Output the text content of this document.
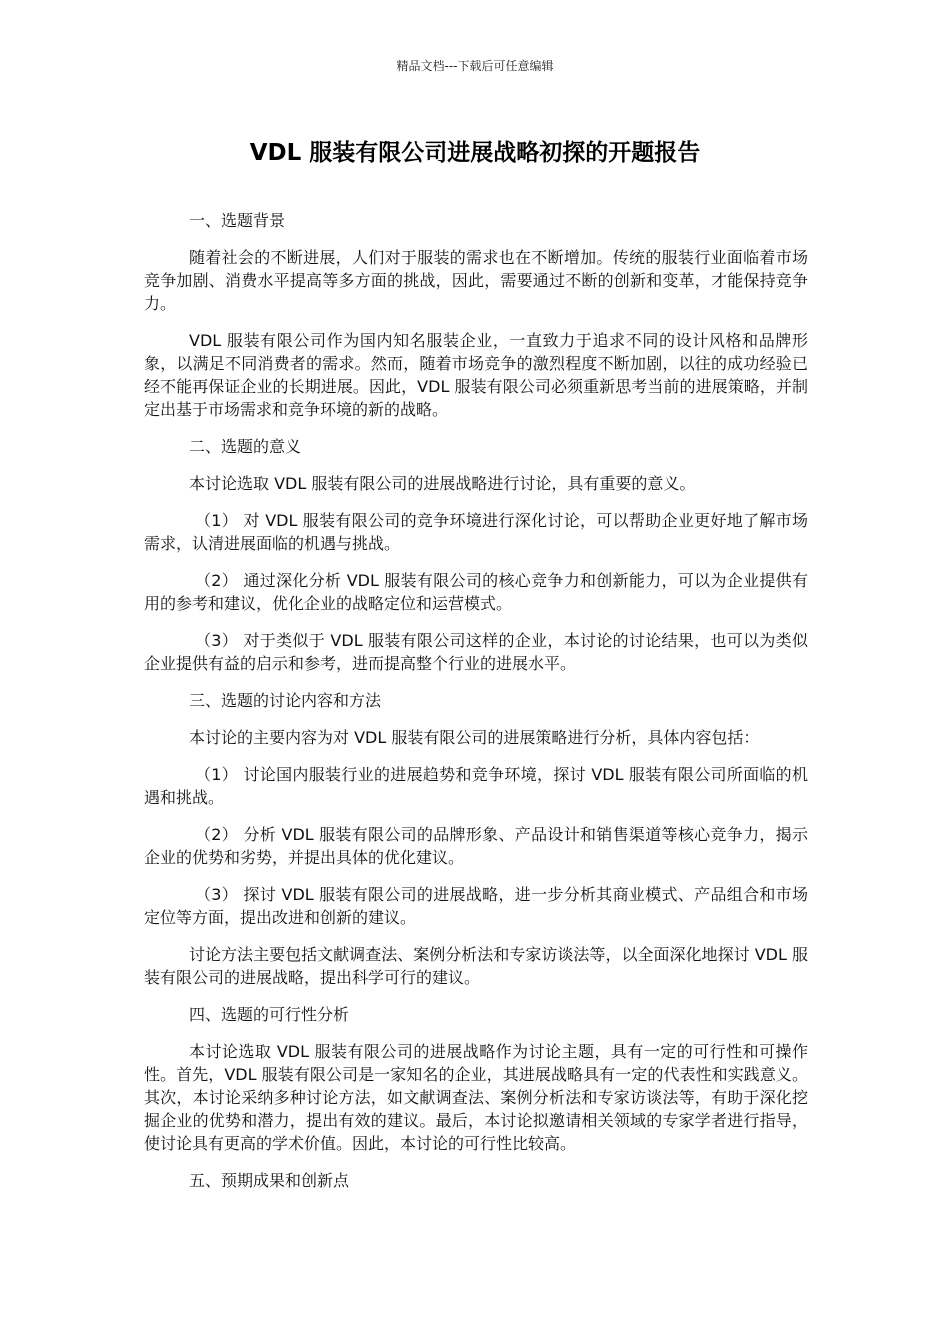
精品文档---下载后可任意编辑
VDL 服装有限公司进展战略初探的开题报告

一、选题背景

随着社会的不断进展，人们对于服装的需求也在不断增加。传统的服装行业面临着市场竞争加剧、消费水平提高等多方面的挑战，因此，需要通过不断的创新和变革，才能保持竞争力。

VDL 服装有限公司作为国内知名服装企业，一直致力于追求不同的设计风格和品牌形象，以满足不同消费者的需求。然而，随着市场竞争的激烈程度不断加剧，以往的成功经验已经不能再保证企业的长期进展。因此，VDL 服装有限公司必须重新思考当前的进展策略，并制定出基于市场需求和竞争环境的新的战略。

二、选题的意义

本讨论选取 VDL 服装有限公司的进展战略进行讨论，具有重要的意义。

（1） 对 VDL 服装有限公司的竞争环境进行深化讨论，可以帮助企业更好地了解市场需求，认清进展面临的机遇与挑战。

（2） 通过深化分析 VDL 服装有限公司的核心竞争力和创新能力，可以为企业提供有用的参考和建议，优化企业的战略定位和运营模式。

（3） 对于类似于 VDL 服装有限公司这样的企业，本讨论的讨论结果，也可以为类似企业提供有益的启示和参考，进而提高整个行业的进展水平。

三、选题的讨论内容和方法

本讨论的主要内容为对 VDL 服装有限公司的进展策略进行分析，具体内容包括：

（1） 讨论国内服装行业的进展趋势和竞争环境，探讨 VDL 服装有限公司所面临的机遇和挑战。

（2） 分析 VDL 服装有限公司的品牌形象、产品设计和销售渠道等核心竞争力，揭示企业的优势和劣势，并提出具体的优化建议。

（3） 探讨 VDL 服装有限公司的进展战略，进一步分析其商业模式、产品组合和市场定位等方面，提出改进和创新的建议。

讨论方法主要包括文献调查法、案例分析法和专家访谈法等，以全面深化地探讨 VDL 服装有限公司的进展战略，提出科学可行的建议。

四、选题的可行性分析

本讨论选取 VDL 服装有限公司的进展战略作为讨论主题，具有一定的可行性和可操作性。首先，VDL 服装有限公司是一家知名的企业，其进展战略具有一定的代表性和实践意义。其次，本讨论采纳多种讨论方法，如文献调查法、案例分析法和专家访谈法等，有助于深化挖掘企业的优势和潜力，提出有效的建议。最后，本讨论拟邀请相关领域的专家学者进行指导，使讨论具有更高的学术价值。因此，本讨论的可行性比较高。

五、预期成果和创新点
